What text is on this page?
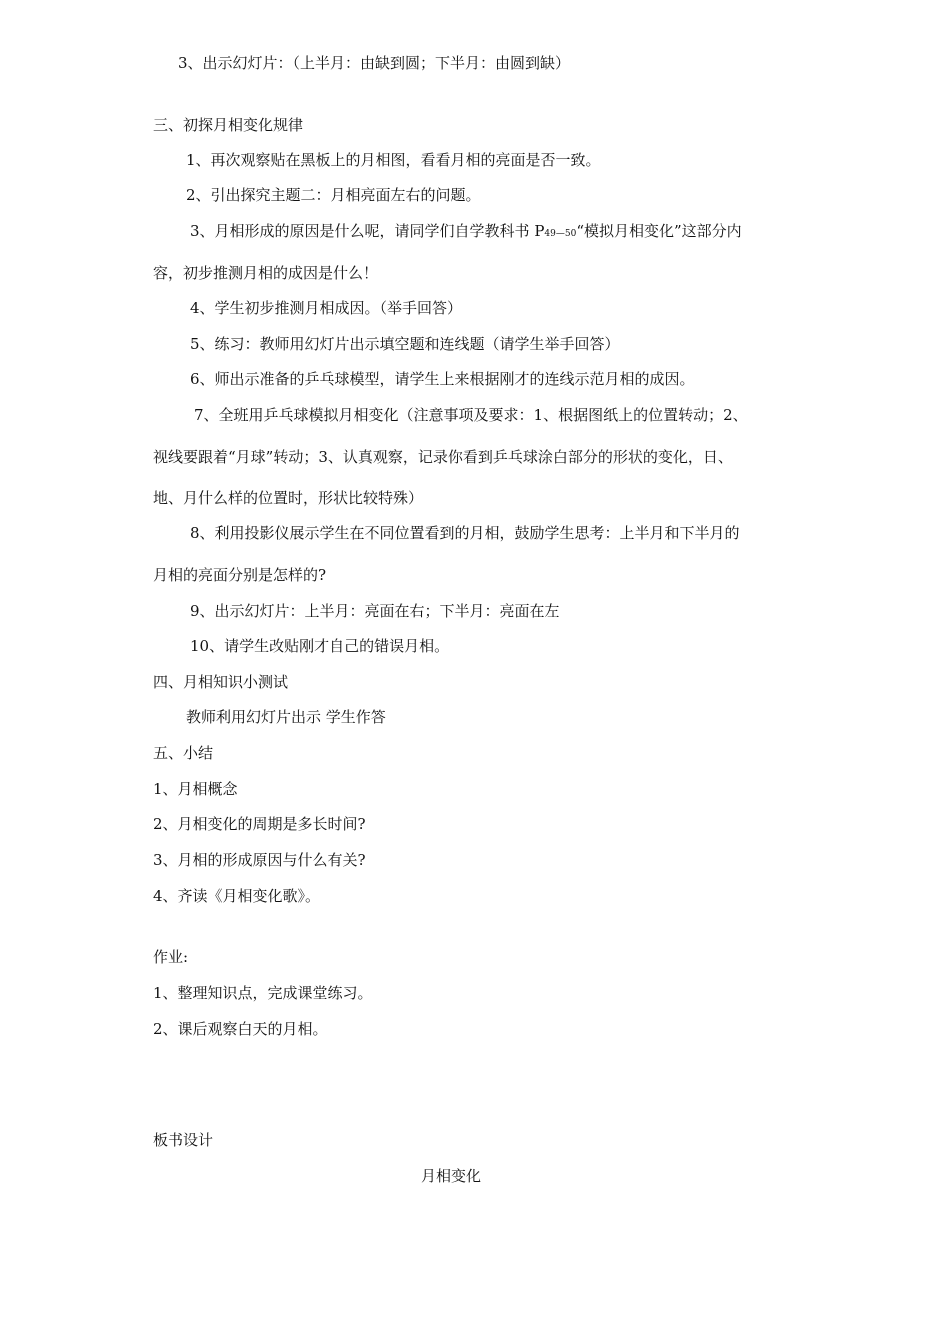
3、出示幻灯片：（上半月：由缺到圆；下半月：由圆到缺）
三、初探月相变化规律
1、再次观察贴在黑板上的月相图，看看月相的亮面是否一致。
2、引出探究主题二：月相亮面左右的问题。
3、月相形成的原因是什么呢，请同学们自学教科书 P49—50“模拟月相变化”这部分内
容，初步推测月相的成因是什么！
4、学生初步推测月相成因。（举手回答）
5、练习：教师用幻灯片出示填空题和连线题（请学生举手回答）
6、师出示准备的乒乓球模型，请学生上来根据刚才的连线示范月相的成因。
7、全班用乒乓球模拟月相变化（注意事项及要求：1、根据图纸上的位置转动；2、
视线要跟着“月球”转动；3、认真观察，记录你看到乒乓球涂白部分的形状的变化，日、
地、月什么样的位置时，形状比较特殊）
8、利用投影仪展示学生在不同位置看到的月相，鼓励学生思考：上半月和下半月的
月相的亮面分别是怎样的?
9、出示幻灯片：上半月：亮面在右；下半月：亮面在左
10、请学生改贴刚才自己的错误月相。
四、月相知识小测试
教师利用幻灯片出示 学生作答
五、小结
1、月相概念
2、月相变化的周期是多长时间?
3、月相的形成原因与什么有关?
4、齐读《月相变化歌》。
作业:
1、整理知识点，完成课堂练习。
2、课后观察白天的月相。
板书设计
月相变化
